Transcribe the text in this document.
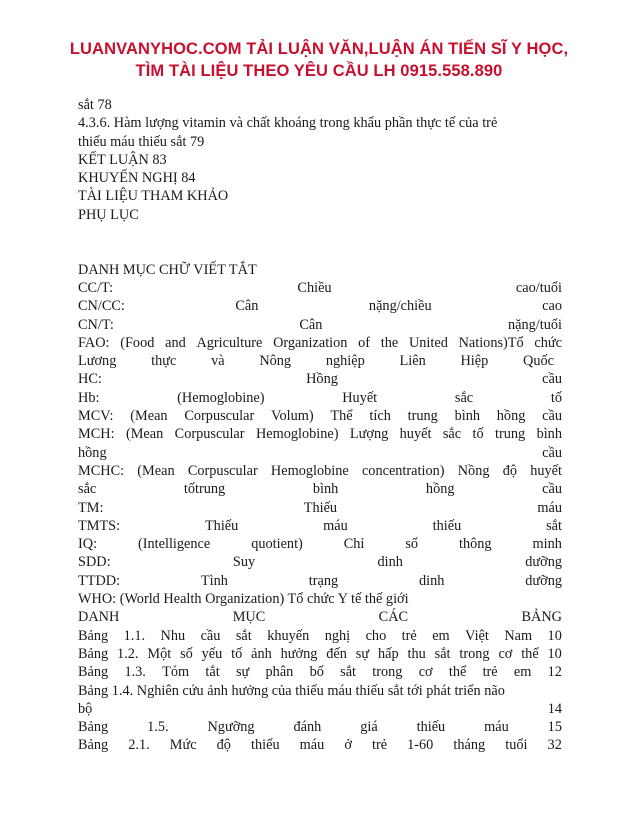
LUANVANYHOC.COM TẢI LUẬN VĂN,LUẬN ÁN TIẾN SĨ Y HỌC,
TÌM TÀI LIỆU THEO YÊU CẦU LH 0915.558.890
sắt 78
4.3.6. Hàm lượng vitamin và chất khoáng trong khẩu phần thực tế của trẻ
thiếu máu thiếu sắt 79
KẾT LUẬN 83
KHUYẾN NGHỊ 84
TÀI LIỆU THAM KHẢO
PHỤ LỤC
DANH MỤC CHỮ VIẾT TẮT
CC/T:	Chiều	cao/tuổi
CN/CC:	Cân	nặng/chiều	cao
CN/T:	Cân	nặng/tuổi
FAO: (Food and Agriculture Organization of the United Nations)Tổ chức
Lương thực và Nông nghiệp Liên Hiệp Quốc
HC:	Hồng	cầu
Hb:	(Hemoglobine)	Huyết	sắc	tố
MCV: (Mean Corpuscular Volum) Thể tích trung bình hồng cầu
MCH: (Mean Corpuscular Hemoglobine) Lượng huyết sắc tố trung bình
hồng	cầu
MCHC: (Mean Corpuscular Hemoglobine concentration) Nồng độ huyết
sắc	tốtrung	bình	hồng	cầu
TM:	Thiếu	máu
TMTS:	Thiếu	máu	thiếu	sắt
IQ:	(Intelligence	quotient)	Chỉ	số	thông	minh
SDD:	Suy	dinh	dưỡng
TTDD:	Tình	trạng	dinh	dưỡng
WHO: (World Health Organization) Tổ chức Y tế thế giới
DANH	MỤC	CÁC	BẢNG
Bảng 1.1. Nhu cầu sắt khuyến nghị cho trẻ em Việt Nam 10
Bảng 1.2. Một số yếu tố ảnh hưởng đến sự hấp thu sắt trong cơ thể 10
Bảng 1.3. Tóm tắt sự phân bố sắt trong cơ thể trẻ em 12
Bảng 1.4. Nghiên cứu ảnh hưởng của thiếu máu thiếu sắt tới phát triển não
bộ	14
Bảng	1.5.	Ngưỡng	đánh	giá	thiếu	máu	15
Bảng 2.1. Mức độ thiếu máu ở trẻ 1-60 tháng tuổi 32
